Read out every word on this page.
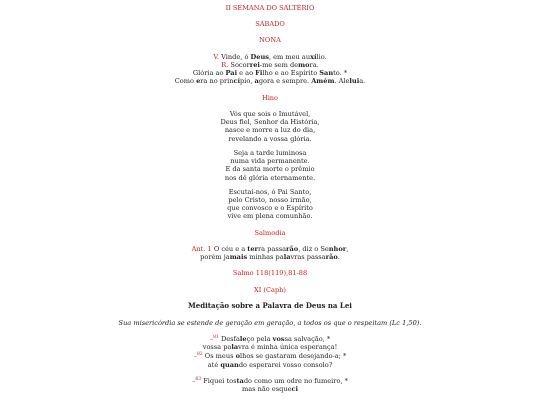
II SEMANA DO SALTÉRIO
SÁBADO
NONA
V. Vinde, ó Deus, em meu auxílio.
R. Socorrei-me sem demora.
Glória ao Pai e ao Filho e ao Espírito Santo. *
Como era no princípio, agora e sempre. Amém. Aleluia.
Hino
Vós que sois o Imutável,
Deus fiel, Senhor da História,
nasce e morre a luz do dia,
revelando a vossa glória.
Seja a tarde luminosa
numa vida permanente.
E da santa morte o prêmio
nos dê glória eternamente.
Escutai-nos, ó Pai Santo,
pelo Cristo, nosso irmão,
que convosco e o Espírito
vive em plena comunhão.
Salmodia
Ant. 1 O céu e a terra passarão, diz o Senhor,
porém jamais minhas palavras passarão.
Salmo 118(119),81-88
XI (Caph)
Meditação sobre a Palavra de Deus na Lei
Sua misericórdia se estende de geração em geração, a todos os que o respeitam (Lc 1,50).
–$^{81}$ Desfaleço pela vossa salvação, *
vossa palavra é minha única esperança!
–$^{82}$ Os meus olhos se gastaram desejando-a; *
até quando esperarei vosso consolo?
–$^{83}$ Fiquei tostado como um odre no fumeiro, *
mas não esqueci
